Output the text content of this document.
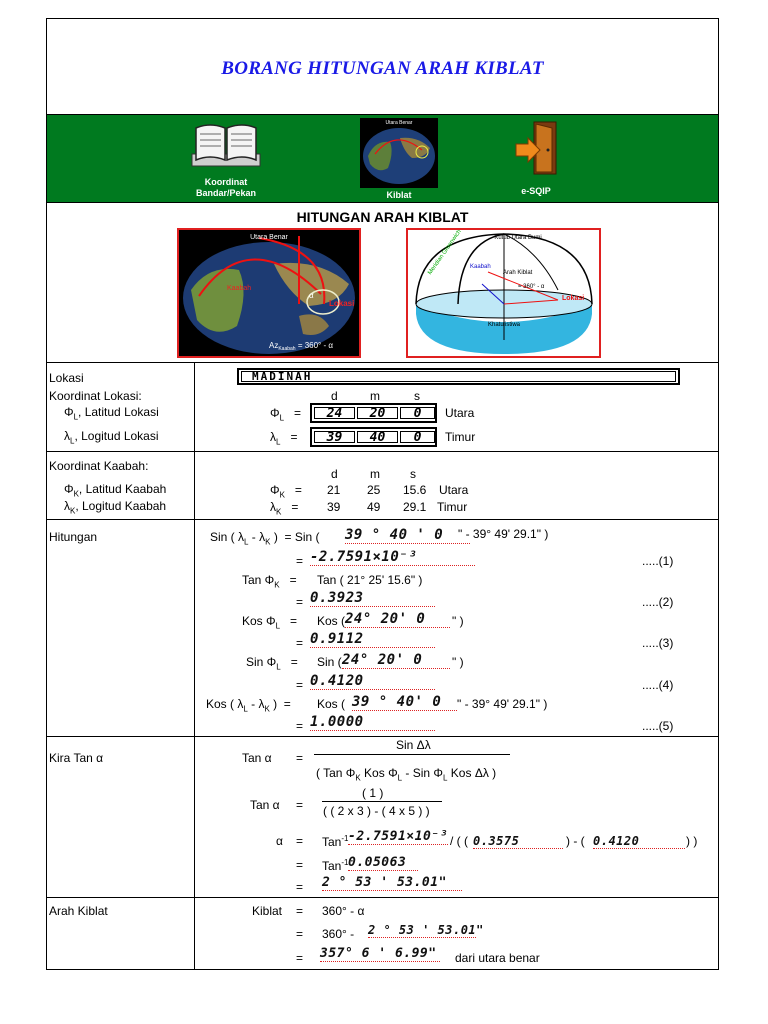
BORANG HITUNGAN ARAH KIBLAT
Koordinat
Bandar/Pekan
Utara Benar
Kiblat	e-SQIP
HITUNGAN ARAH KIBLAT
Utara Benar
Kaabah
Lokasi
α
$Az_{Kaabah} = 360^\circ - \alpha$
Kutub Utara Bumi
Arah Kiblat
Meridian Greenwich Kaabah
= 360° - α
Lokasi
Khatulistiwa
Lokasi	MADINAH
Koordinat Lokasi:	d	m	s
$\Phi_L$, Latitud Lokasi	$\Phi_L$   =	24	20	0	Utara
$\lambda_L$, Logitud Lokasi	$\lambda_L$   =	39	40	0	Timur
Koordinat Kaabah:
d	m	s
$\Phi_K$, Latitud Kaabah	$\Phi_K = 21$ 25 15.6 Utara
$\lambda_K$, Logitud Kaabah	$\lambda_K = 39$ 49 29.1 Timur
Hitungan	Sin ( $\lambda_L - \lambda_K$ )  = Sin ( 39 ° 40 ' 0	" - 39° 49' 29.1" )
= -2.7591×10⁻³	.....(1)
Tan $\Phi_K$   = Tan ( 21° 25' 15.6" )
= 0.3923	.....(2)
Kos $\Phi_L$   = Kos ( 24° 20' 0	" )
= 0.9112	.....(3)
Sin $\Phi_L$   = Sin ( 24° 20' 0	" )
= 0.4120	.....(4)
Kos ( $\lambda_L - \lambda_K$ )  = Kos ( 39 ° 40' 0	" - 39° 49' 29.1" )
= 1.0000	.....(5)
Kira Tan α	Tan α =
Sin Δλ
( Tan $\Phi_K$ Kos $\Phi_L$ - Sin $\Phi_L$ Kos Δλ )
Tan α =
( 1 )
( ( 2 x 3 ) - ( 4 x 5 ) )
α = Tan$^{-1}$ -2.7591×10⁻³ / ( ( 0.3575	) - ( 0.4120	) )
= Tan$^{-1}$ 0.05063
= 2 ° 53 ' 53.01"
Arah Kiblat	Kiblat = 360° - α
= 360° - 2 ° 53 ' 53.01"
= 357° 6 ' 6.99" dari utara benar
